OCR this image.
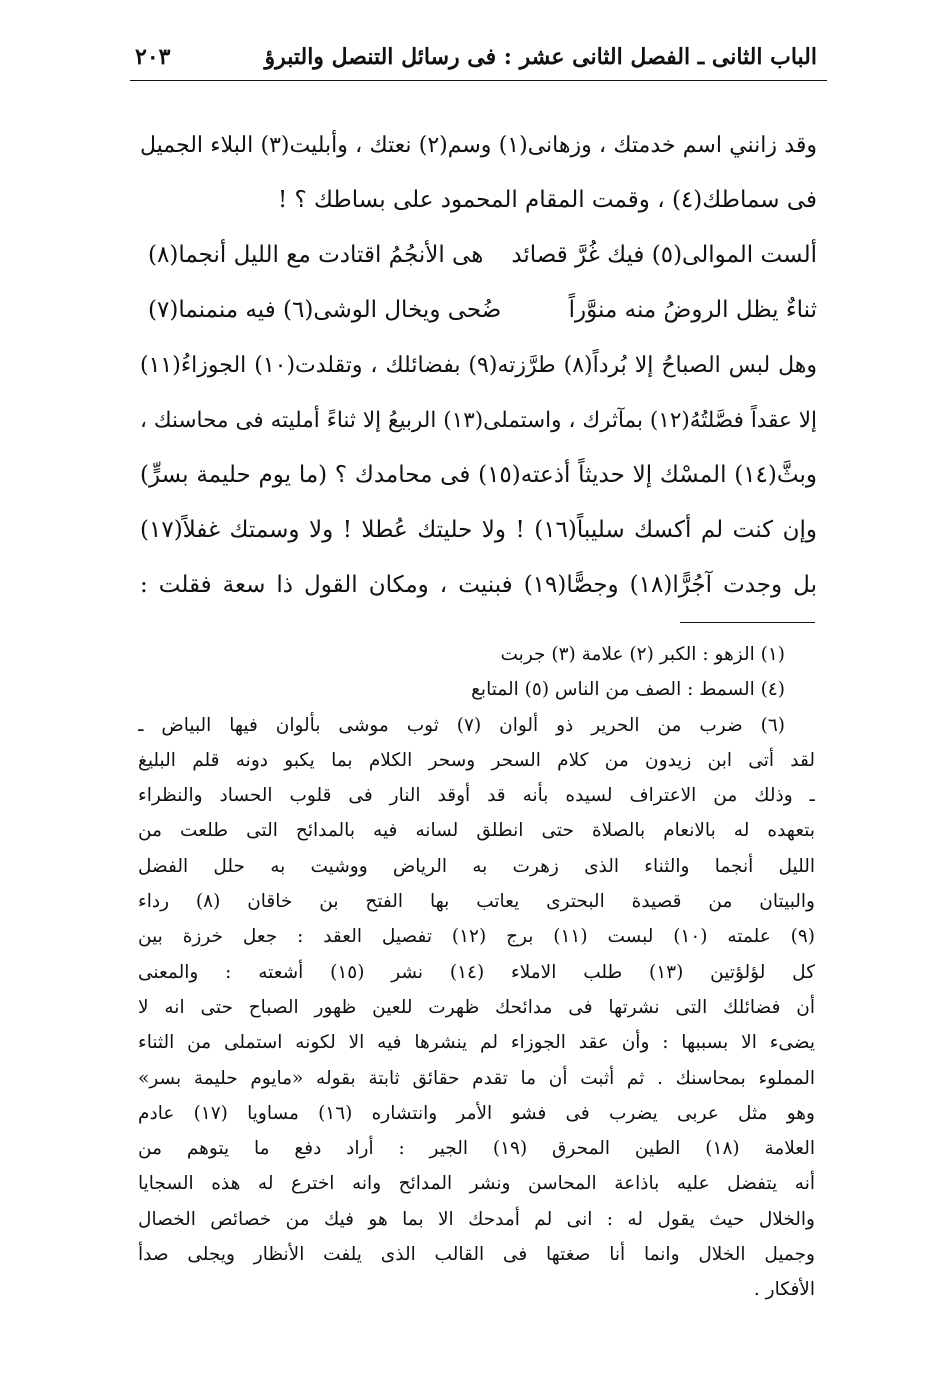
الباب الثانى ـ الفصل الثانى عشر : فى رسائل التنصل والتبرؤ
٢٠٣
وقد زانني اسم خدمتك ، وزهانى(١) وسم(٢) نعتك ، وأبليت(٣) البلاء الجميل
فى سماطك(٤) ، وقمت المقام المحمود على بساطك ؟ !
ألست الموالى(٥) فيك غُرَّ قصائد
هى الأنجُمُ اقتادت مع الليل أنجما(٨)
ثناءٌ يظل الروضُ منه منوَّراً
ضُحى ويخال الوشى(٦) فيه منمنما(٧)
وهل لبس الصباحُ إلا بُرداً(٨) طرَّزته(٩) بفضائلك ، وتقلدت(١٠) الجوزاءُ(١١)
إلا عقداً فصَّلتُهُ(١٢) بمآثرك ، واستملى(١٣) الربيعُ إلا ثناءً أمليته فى محاسنك ،
وبثَّ(١٤) المسْك إلا حديثاً أذعته(١٥) فى محامدك ؟ (ما يوم حليمة بسرٍّ)
وإن كنت لم أكسك سليباً(١٦) ! ولا حليتك عُطلا ! ولا وسمتك غفلاً(١٧)
بل وجدت آجُرًّا(١٨) وجصًّا(١٩) فبنيت ، ومكان القول ذا سعة فقلت :
(١) الزهو : الكبر (٢) علامة (٣) جربت
(٤) السمط : الصف من الناس (٥) المتابع
(٦) ضرب من الحرير ذو ألوان (٧) ثوب موشى بألوان فيها البياض ـ
لقد أتى ابن زيدون من كلام السحر وسحر الكلام بما يكبو دونه قلم البليغ
ـ وذلك من الاعتراف لسيده بأنه قد أوقد النار فى قلوب الحساد والنظراء
بتعهده له بالانعام بالصلاة حتى انطلق لسانه فيه بالمدائح التى طلعت من
الليل أنجما والثناء الذى زهرت به الرياض ووشيت به حلل الفضل
والبيتان من قصيدة البحترى يعاتب بها الفتح بن خاقان (٨) رداء
(٩) علمته (١٠) لبست (١١) برج (١٢) تفصيل العقد : جعل خرزة بين
كل لؤلؤتين (١٣) طلب الاملاء (١٤) نشر (١٥) أشعته : والمعنى
أن فضائلك التى نشرتها فى مدائحك ظهرت للعين ظهور الصباح حتى انه لا
يضىء الا بسببها : وأن عقد الجوزاء لم ينشرها فيه الا لكونه استملى من الثناء
المملوء بمحاسنك . ثم أثبت أن ما تقدم حقائق ثابتة بقوله «مايوم حليمة بسر»
وهو مثل عربى يضرب فى فشو الأمر وانتشاره (١٦) مساويا (١٧) عادم
العلامة (١٨) الطين المحرق (١٩) الجير : أراد دفع ما يتوهم من
أنه يتفضل عليه باذاعة المحاسن ونشر المدائح وانه اخترع له هذه السجايا
والخلال حيث يقول له : انى لم أمدحك الا بما هو فيك من خصائص الخصال
وجميل الخلال وانما أنا صغتها فى القالب الذى يلفت الأنظار ويجلى صدأ
الأفكار .
